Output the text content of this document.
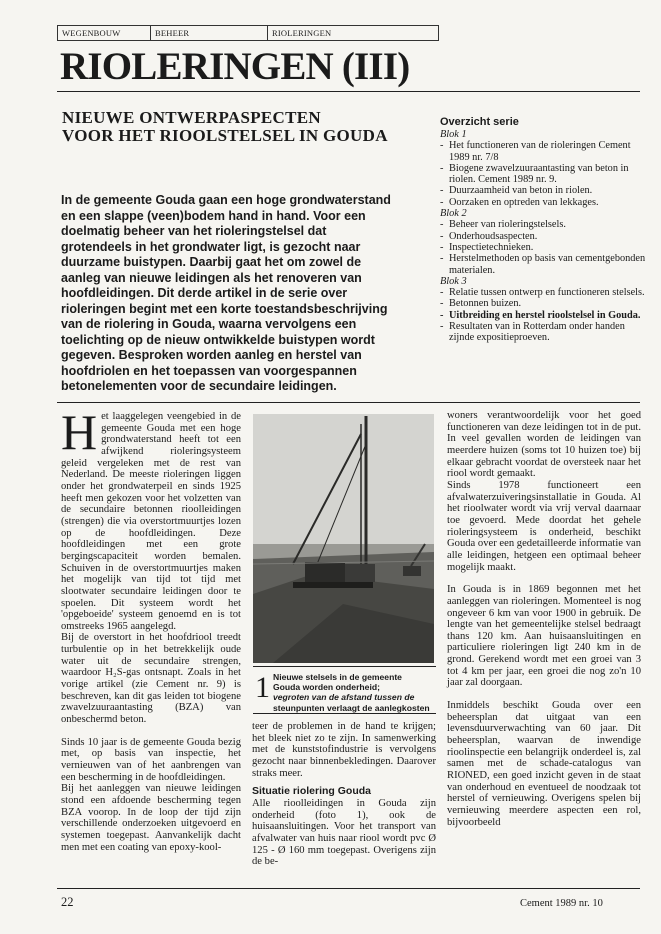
WEGENBOUW	BEHEER	RIOLERINGEN
RIOLERINGEN (III)
NIEUWE ONTWERPASPECTEN
VOOR HET RIOOLSTELSEL IN GOUDA
In de gemeente Gouda gaan een hoge grondwaterstand
en een slappe (veen)bodem hand in hand. Voor een
doelmatig beheer van het rioleringstelsel dat
grotendeels in het grondwater ligt, is gezocht naar
duurzame buistypen. Daarbij gaat het om zowel de
aanleg van nieuwe leidingen als het renoveren van
hoofdleidingen. Dit derde artikel in de serie over
rioleringen begint met een korte toestandsbeschrijving
van de riolering in Gouda, waarna vervolgens een
toelichting op de nieuw ontwikkelde buistypen wordt
gegeven. Besproken worden aanleg en herstel van
hoofdriolen en het toepassen van voorgespannen
betonelementen voor de secundaire leidingen.
Overzicht serie
Blok 1
- Het functioneren van de rioleringen Cement 1989 nr. 7/8
- Biogene zwavelzuuraantasting van beton in riolen. Cement 1989 nr. 9.
- Duurzaamheid van beton in riolen.
- Oorzaken en optreden van lekkages.
Blok 2
- Beheer van rioleringstelsels.
- Onderhoudsaspecten.
- Inspectietechnieken.
- Herstelmethoden op basis van cementgebonden materialen.
Blok 3
- Relatie tussen ontwerp en functioneren stelsels.
- Betonnen buizen.
- Uitbreiding en herstel rioolstelsel in Gouda.
- Resultaten van in Rotterdam onder handen zijnde expositieproeven.

Het laaggelegen veengebied in de gemeente Gouda met een hoge grondwaterstand heeft tot een afwijkend rioleringsysteem geleid vergeleken met de rest van Nederland. De meeste rioleringen liggen onder het grondwaterpeil en sinds 1925 heeft men gekozen voor het volzetten van de secundaire betonnen rioolleidingen (strengen) die via overstortmuurtjes lozen op de hoofdleidingen. Deze hoofdleidingen met een grote bergingscapaciteit worden bemalen. Schuiven in de overstortmuurtjes maken het mogelijk van tijd tot tijd met slootwater secundaire leidingen door te spoelen. Dit systeem wordt het 'opgeboeide' systeem genoemd en is tot omstreeks 1965 aangelegd.

Bij de overstort in het hoofdriool treedt turbulentie op in het betrekkelijk oude water uit de secundaire strengen, waardoor H₂S-gas ontsnapt. Zoals in het vorige artikel (zie Cement nr. 9) is beschreven, kan dit gas leiden tot biogene zwavelzuuraantasting (BZA) van onbeschermd beton.

Sinds 10 jaar is de gemeente Gouda bezig met, op basis van inspectie, het vernieuwen van of het aanbrengen van een bescherming in de hoofdleidingen.

Bij het aanleggen van nieuwe leidingen stond een afdoende bescherming tegen BZA voorop. In de loop der tijd zijn verschillende onderzoeken uitgevoerd en systemen toegepast. Aanvankelijk dacht men met een coating van epoxy-kool-

1 Nieuwe stelsels in de gemeente
Gouda worden onderheid;
vegroten van de afstand tussen de
steunpunten verlaagt de aanlegkosten

teer de problemen in de hand te krijgen; het bleek niet zo te zijn. In samenwerking met de kunststofindustrie is vervolgens gezocht naar binnenbekledingen. Daarover straks meer.

Situatie riolering Gouda

Alle rioolleidingen in Gouda zijn onderheid (foto 1), ook de huisaansluitingen. Voor het transport van afvalwater van huis naar riool wordt pvc Ø 125 - Ø 160 mm toegepast. Overigens zijn de be-

woners verantwoordelijk voor het goed functioneren van deze leidingen tot in de put. In veel gevallen worden de leidingen van meerdere huizen (soms tot 10 huizen toe) bij elkaar gebracht voordat de oversteek naar het riool wordt gemaakt.

Sinds 1978 functioneert een afvalwaterzuiveringsinstallatie in Gouda. Al het rioolwater wordt via vrij verval daarnaar toe gevoerd. Mede doordat het gehele rioleringsysteem is onderheid, beschikt Gouda over een gedetailleerde informatie van alle leidingen, hetgeen een optimaal beheer mogelijk maakt.

In Gouda is in 1869 begonnen met het aanleggen van rioleringen. Momenteel is nog ongeveer 6 km van voor 1900 in gebruik. De lengte van het gemeentelijke stelsel bedraagt thans 120 km. Aan huisaansluitingen en particuliere rioleringen ligt 240 km in de grond. Gerekend wordt met een groei van 3 tot 4 km per jaar, een groei die nog zo'n 10 jaar zal doorgaan.

Inmiddels beschikt Gouda over een beheersplan dat uitgaat van een levensduurverwachting van 60 jaar. Dit beheersplan, waarvan de inwendige rioolinspectie een belangrijk onderdeel is, zal samen met de schade-catalogus van RIONED, een goed inzicht geven in de staat van onderhoud en eventueel de noodzaak tot herstel of vernieuwing. Overigens spelen bij vernieuwing meerdere aspecten een rol, bijvoorbeeld

22	Cement 1989 nr. 10
